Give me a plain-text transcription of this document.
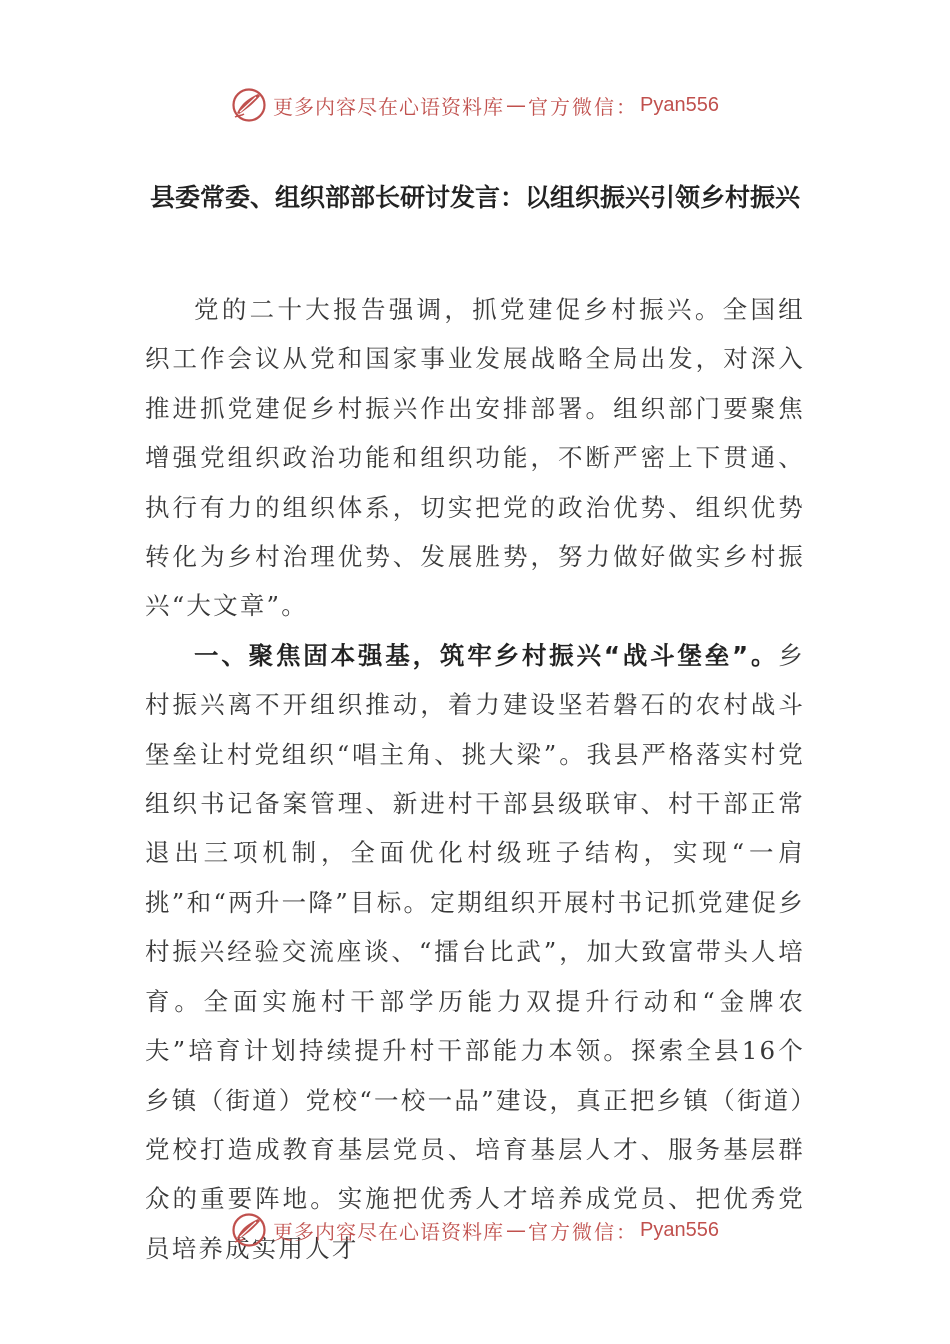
更多内容尽在心语资料库 — 官方微信： Pyan556
县委常委、组织部部长研讨发言：以组织振兴引领乡村振兴

党的二十大报告强调，抓党建促乡村振兴。全国组织工作会议从党和国家事业发展战略全局出发，对深入推进抓党建促乡村振兴作出安排部署。组织部门要聚焦增强党组织政治功能和组织功能，不断严密上下贯通、执行有力的组织体系，切实把党的政治优势、组织优势转化为乡村治理优势、发展胜势，努力做好做实乡村振兴“大文章”。

一、聚焦固本强基，筑牢乡村振兴“战斗堡垒”。乡村振兴离不开组织推动，着力建设坚若磐石的农村战斗堡垒让村党组织“唱主角、挑大梁”。我县严格落实村党组织书记备案管理、新进村干部县级联审、村干部正常退出三项机制，全面优化村级班子结构，实现“一肩挑”和“两升一降”目标。定期组织开展村书记抓党建促乡村振兴经验交流座谈、“擂台比武”，加大致富带头人培育。全面实施村干部学历能力双提升行动和“金牌农夫”培育计划持续提升村干部能力本领。探索全县16个乡镇（街道）党校“一校一品”建设，真正把乡镇（街道）党校打造成教育基层党员、培育基层人才、服务基层群众的重要阵地。实施把优秀人才培养成党员、把优秀党员培养成实用人才

更多内容尽在心语资料库 — 官方微信： Pyan556
